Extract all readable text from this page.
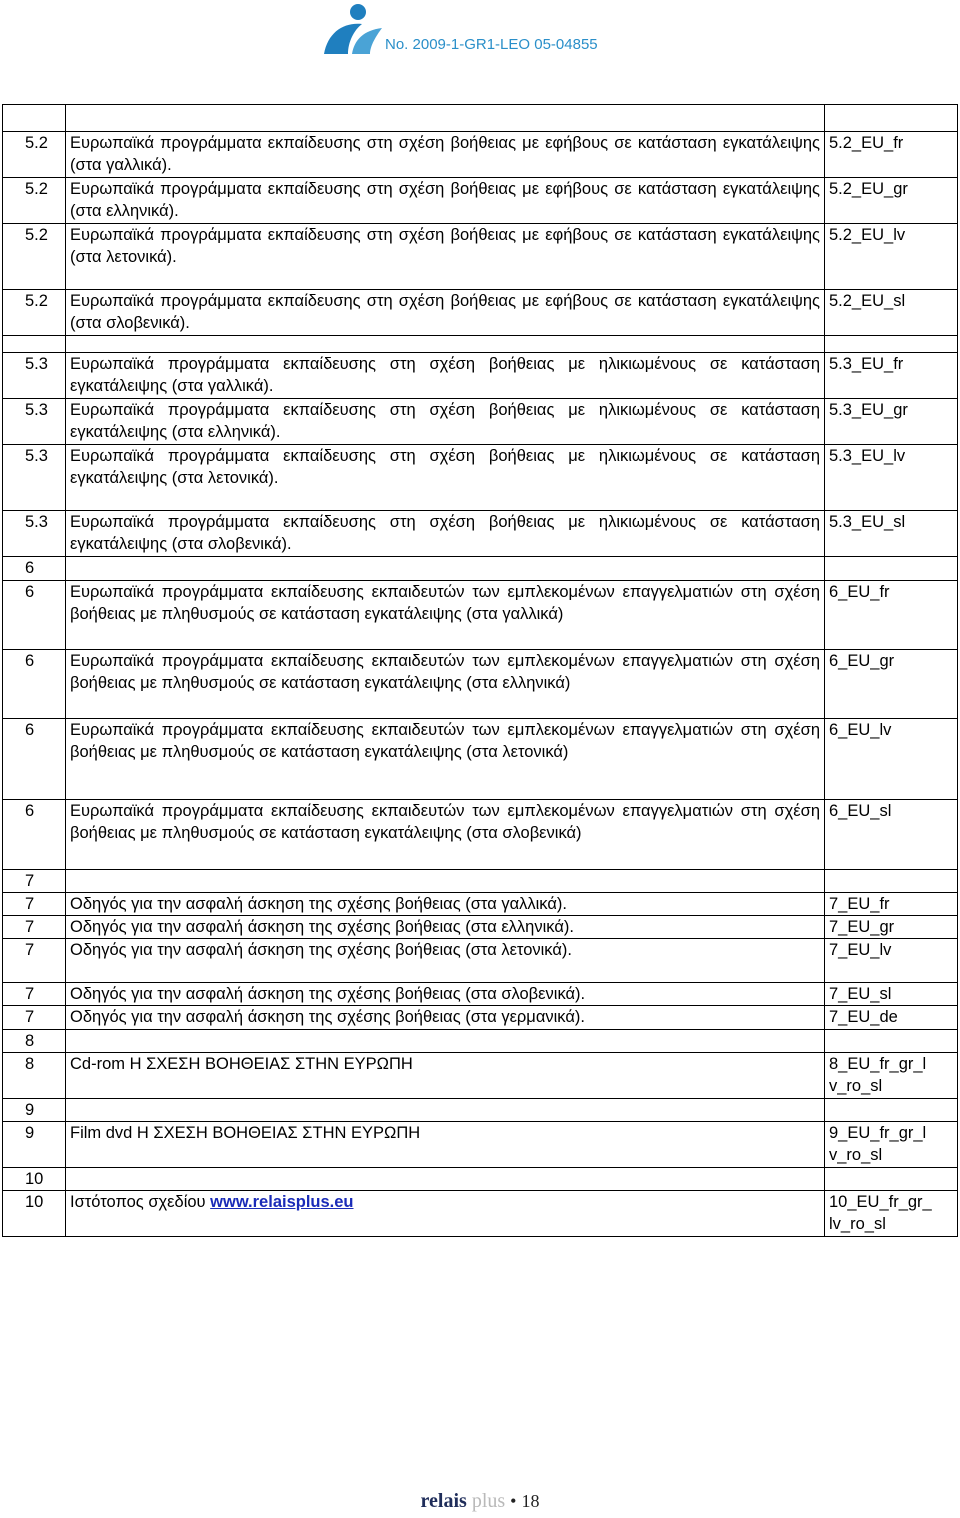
No. 2009-1-GR1-LEO 05-04855

5.2	Ευρωπαϊκά προγράμματα εκπαίδευσης στη σχέση βοήθειας με εφήβους σε κατάσταση εγκατάλειψης (στα γαλλικά).	5.2_EU_fr
5.2	Ευρωπαϊκά προγράμματα εκπαίδευσης στη σχέση βοήθειας με εφήβους σε κατάσταση εγκατάλειψης (στα ελληνικά).	5.2_EU_gr
5.2	Ευρωπαϊκά προγράμματα εκπαίδευσης στη σχέση βοήθειας με εφήβους σε κατάσταση εγκατάλειψης (στα λετονικά).	5.2_EU_lv
5.2	Ευρωπαϊκά προγράμματα εκπαίδευσης στη σχέση βοήθειας με εφήβους σε κατάσταση εγκατάλειψης (στα σλοβενικά).	5.2_EU_sl

5.3	Ευρωπαϊκά προγράμματα εκπαίδευσης στη σχέση βοήθειας με ηλικιωμένους σε κατάσταση εγκατάλειψης (στα γαλλικά).	5.3_EU_fr
5.3	Ευρωπαϊκά προγράμματα εκπαίδευσης στη σχέση βοήθειας με ηλικιωμένους σε κατάσταση εγκατάλειψης (στα ελληνικά).	5.3_EU_gr
5.3	Ευρωπαϊκά προγράμματα εκπαίδευσης στη σχέση βοήθειας με ηλικιωμένους σε κατάσταση εγκατάλειψης (στα λετονικά).	5.3_EU_lv
5.3	Ευρωπαϊκά προγράμματα εκπαίδευσης στη σχέση βοήθειας με ηλικιωμένους σε κατάσταση εγκατάλειψης (στα σλοβενικά).	5.3_EU_sl
6		
6	Ευρωπαϊκά προγράμματα εκπαίδευσης εκπαιδευτών των εμπλεκομένων επαγγελματιών στη σχέση βοήθειας με πληθυσμούς σε κατάσταση εγκατάλειψης (στα γαλλικά)	6_EU_fr
6	Ευρωπαϊκά προγράμματα εκπαίδευσης εκπαιδευτών των εμπλεκομένων επαγγελματιών στη σχέση βοήθειας με πληθυσμούς σε κατάσταση εγκατάλειψης (στα ελληνικά)	6_EU_gr
6	Ευρωπαϊκά προγράμματα εκπαίδευσης εκπαιδευτών των εμπλεκομένων επαγγελματιών στη σχέση βοήθειας με πληθυσμούς σε κατάσταση εγκατάλειψης (στα λετονικά)	6_EU_lv
6	Ευρωπαϊκά προγράμματα εκπαίδευσης εκπαιδευτών των εμπλεκομένων επαγγελματιών στη σχέση βοήθειας με πληθυσμούς σε κατάσταση εγκατάλειψης (στα σλοβενικά)	6_EU_sl
7		
7	Οδηγός για την ασφαλή άσκηση της σχέσης βοήθειας (στα γαλλικά).	7_EU_fr
7	Οδηγός για την ασφαλή άσκηση της σχέσης βοήθειας (στα ελληνικά).	7_EU_gr
7	Οδηγός για την ασφαλή άσκηση της σχέσης βοήθειας (στα λετονικά).	7_EU_lv
7	Οδηγός για την ασφαλή άσκηση της σχέσης βοήθειας (στα σλοβενικά).	7_EU_sl
7	Οδηγός για την ασφαλή άσκηση της σχέσης βοήθειας (στα γερμανικά).	7_EU_de
8		
8	Cd-rom Η ΣΧΕΣΗ ΒΟΗΘΕΙΑΣ ΣΤΗΝ ΕΥΡΩΠΗ	8_EU_fr_gr_l v_ro_sl
9		
9	Film dvd Η ΣΧΕΣΗ ΒΟΗΘΕΙΑΣ ΣΤΗΝ ΕΥΡΩΠΗ	9_EU_fr_gr_l v_ro_sl
10		
10	Ιστότοπος σχεδίου www.relaisplus.eu	10_EU_fr_gr_ lv_ro_sl
relais plus • 18
